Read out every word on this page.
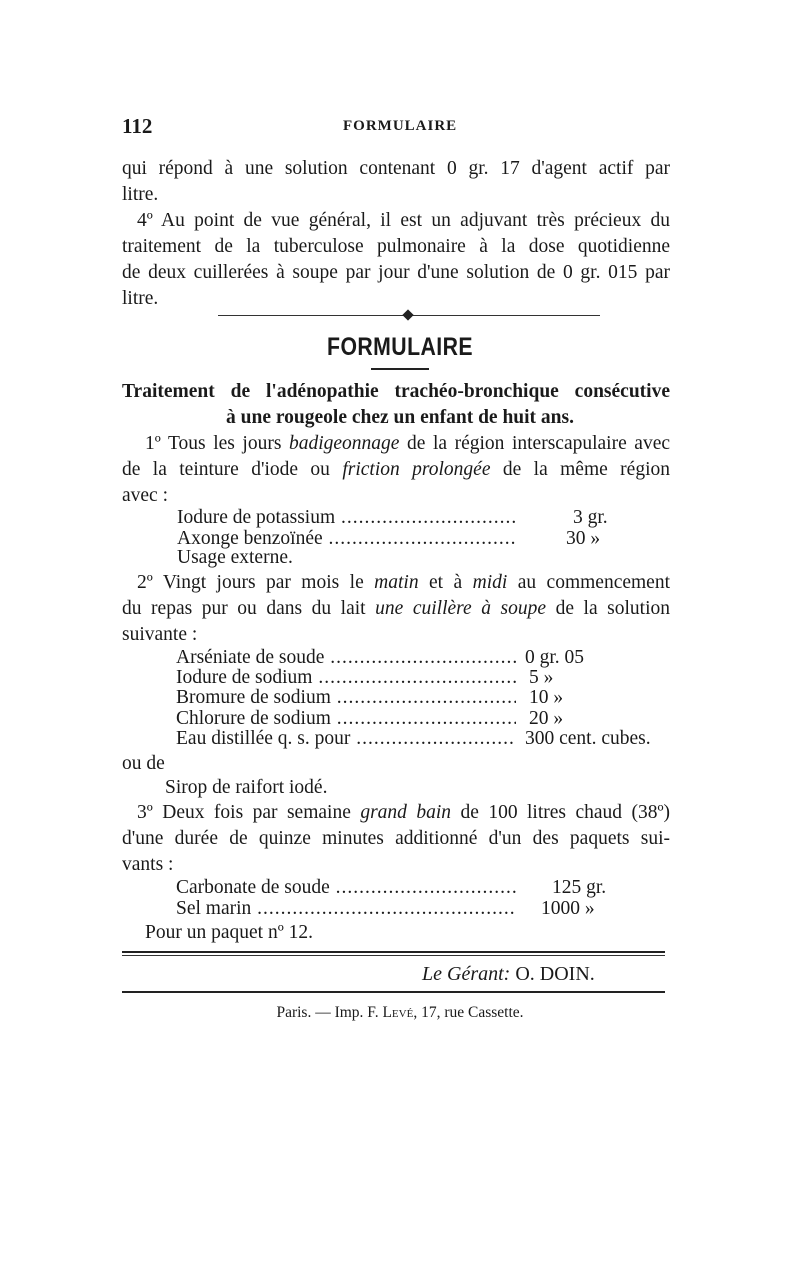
112	FORMULAIRE
qui répond à une solution contenant 0 gr. 17 d'agent actif par
litre.
4º Au point de vue général, il est un adjuvant très précieux du
traitement de la tuberculose pulmonaire à la dose quotidienne
de deux cuillerées à soupe par jour d'une solution de 0 gr. 015 par
litre.
FORMULAIRE
Traitement de l'adénopathie trachéo-bronchique consécutive
à une rougeole chez un enfant de huit ans.
1º Tous les jours badigeonnage de la région interscapulaire avec
de la teinture d'iode ou friction prolongée de la même région
avec :
Iodure de potassium .....	3 gr.
Axonge benzoïnée .....	30 »
Usage externe.
2º Vingt jours par mois le matin et à midi au commencement
du repas pur ou dans du lait une cuillère à soupe de la solution
suivante :
Arséniate de soude .....	0 gr. 05
Iodure de sodium .....	5 »
Bromure de sodium .....	10 »
Chlorure de sodium .....	20 »
Eau distillée q. s. pour .....	300 cent. cubes.
ou de
Sirop de raifort iodé.
3º Deux fois par semaine grand bain de 100 litres chaud (38º)
d'une durée de quinze minutes additionné d'un des paquets sui-
vants :
Carbonate de soude .....	125 gr.
Sel marin .....	1000 »
Pour un paquet nº 12.
Le Gérant: O. DOIN.
Paris. — Imp. F. Levé, 17, rue Cassette.
